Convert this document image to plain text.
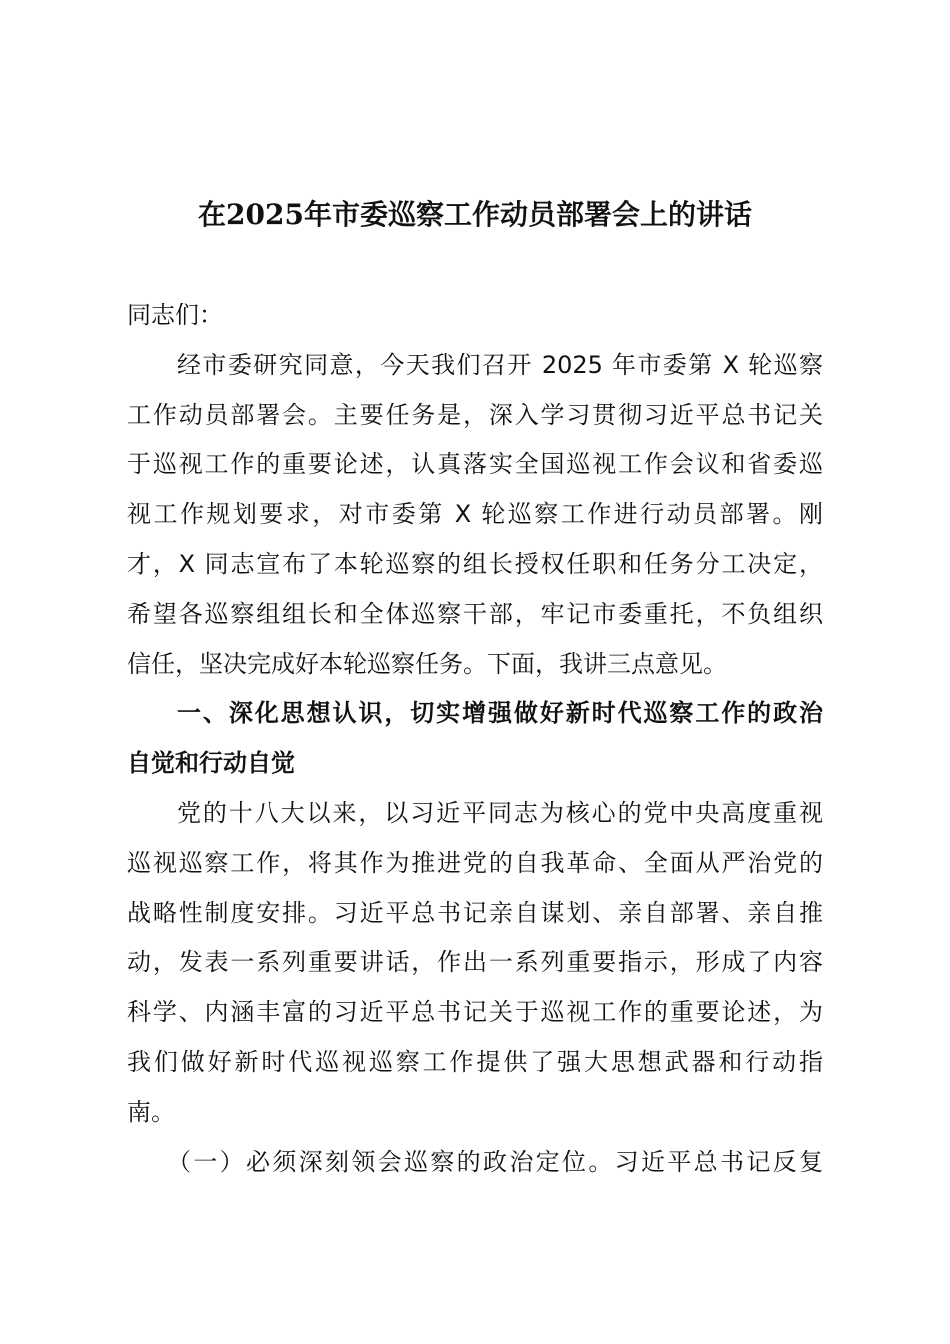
在2025年市委巡察工作动员部署会上的讲话
同志们：
经市委研究同意，今天我们召开 2025 年市委第 X 轮巡察
工作动员部署会。主要任务是，深入学习贯彻习近平总书记关
于巡视工作的重要论述，认真落实全国巡视工作会议和省委巡
视工作规划要求，对市委第 X 轮巡察工作进行动员部署。刚
才，X 同志宣布了本轮巡察的组长授权任职和任务分工决定，
希望各巡察组组长和全体巡察干部，牢记市委重托，不负组织
信任，坚决完成好本轮巡察任务。下面，我讲三点意见。
一、深化思想认识，切实增强做好新时代巡察工作的政治
自觉和行动自觉
党的十八大以来，以习近平同志为核心的党中央高度重视
巡视巡察工作，将其作为推进党的自我革命、全面从严治党的
战略性制度安排。习近平总书记亲自谋划、亲自部署、亲自推
动，发表一系列重要讲话，作出一系列重要指示，形成了内容
科学、内涵丰富的习近平总书记关于巡视工作的重要论述，为
我们做好新时代巡视巡察工作提供了强大思想武器和行动指
南。
（一）必须深刻领会巡察的政治定位。习近平总书记反复
